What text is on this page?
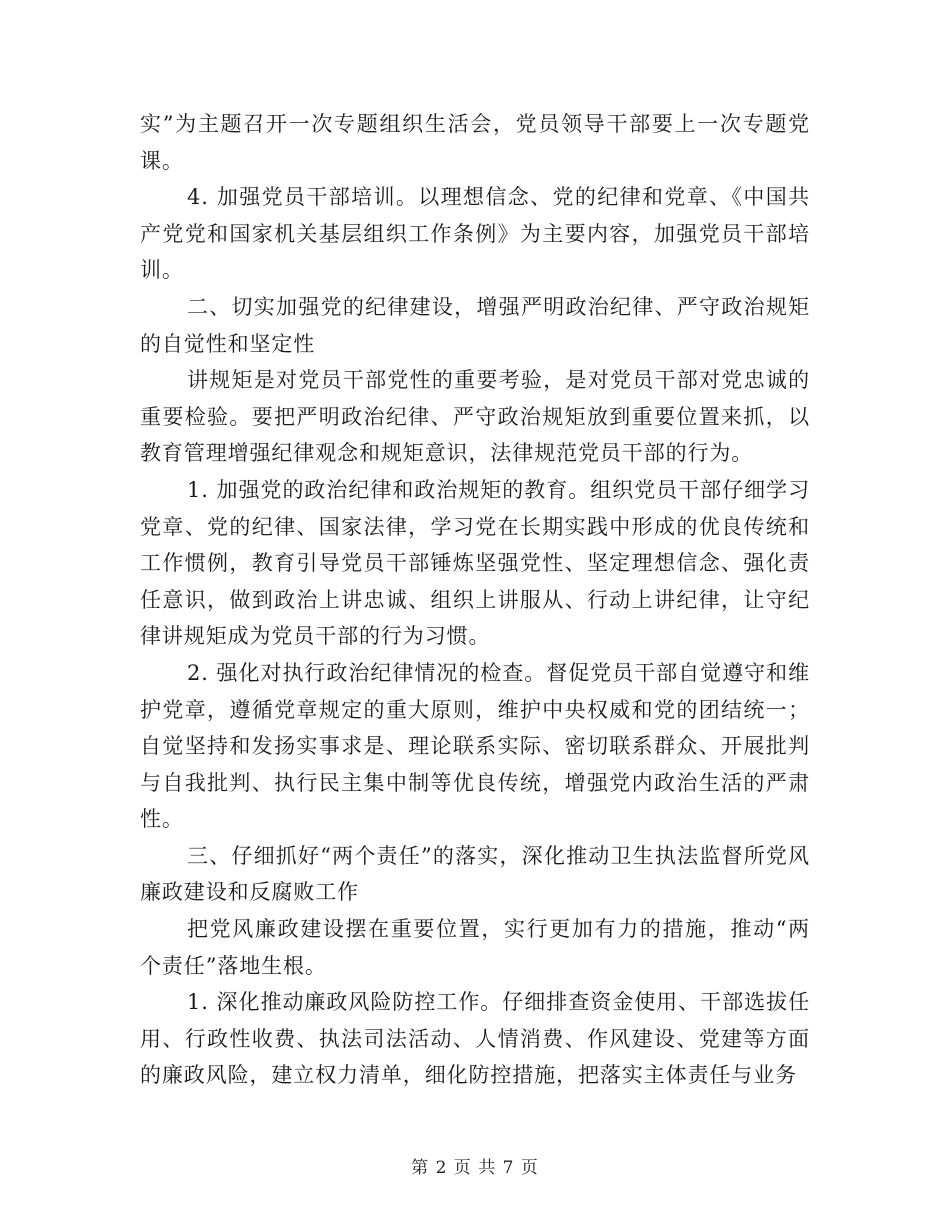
实”为主题召开一次专题组织生活会，党员领导干部要上一次专题党课。

4. 加强党员干部培训。以理想信念、党的纪律和党章、《中国共产党党和国家机关基层组织工作条例》为主要内容，加强党员干部培训。

二、切实加强党的纪律建设，增强严明政治纪律、严守政治规矩的自觉性和坚定性

讲规矩是对党员干部党性的重要考验，是对党员干部对党忠诚的重要检验。要把严明政治纪律、严守政治规矩放到重要位置来抓，以教育管理增强纪律观念和规矩意识，法律规范党员干部的行为。

1. 加强党的政治纪律和政治规矩的教育。组织党员干部仔细学习党章、党的纪律、国家法律，学习党在长期实践中形成的优良传统和工作惯例，教育引导党员干部锤炼坚强党性、坚定理想信念、强化责任意识，做到政治上讲忠诚、组织上讲服从、行动上讲纪律，让守纪律讲规矩成为党员干部的行为习惯。

2. 强化对执行政治纪律情况的检查。督促党员干部自觉遵守和维护党章，遵循党章规定的重大原则，维护中央权威和党的团结统一；自觉坚持和发扬实事求是、理论联系实际、密切联系群众、开展批判与自我批判、执行民主集中制等优良传统，增强党内政治生活的严肃性。

三、仔细抓好“两个责任”的落实，深化推动卫生执法监督所党风廉政建设和反腐败工作

把党风廉政建设摆在重要位置，实行更加有力的措施，推动“两个责任”落地生根。

1. 深化推动廉政风险防控工作。仔细排查资金使用、干部选拔任用、行政性收费、执法司法活动、人情消费、作风建设、党建等方面的廉政风险，建立权力清单，细化防控措施，把落实主体责任与业务

第 2 页 共 7 页
